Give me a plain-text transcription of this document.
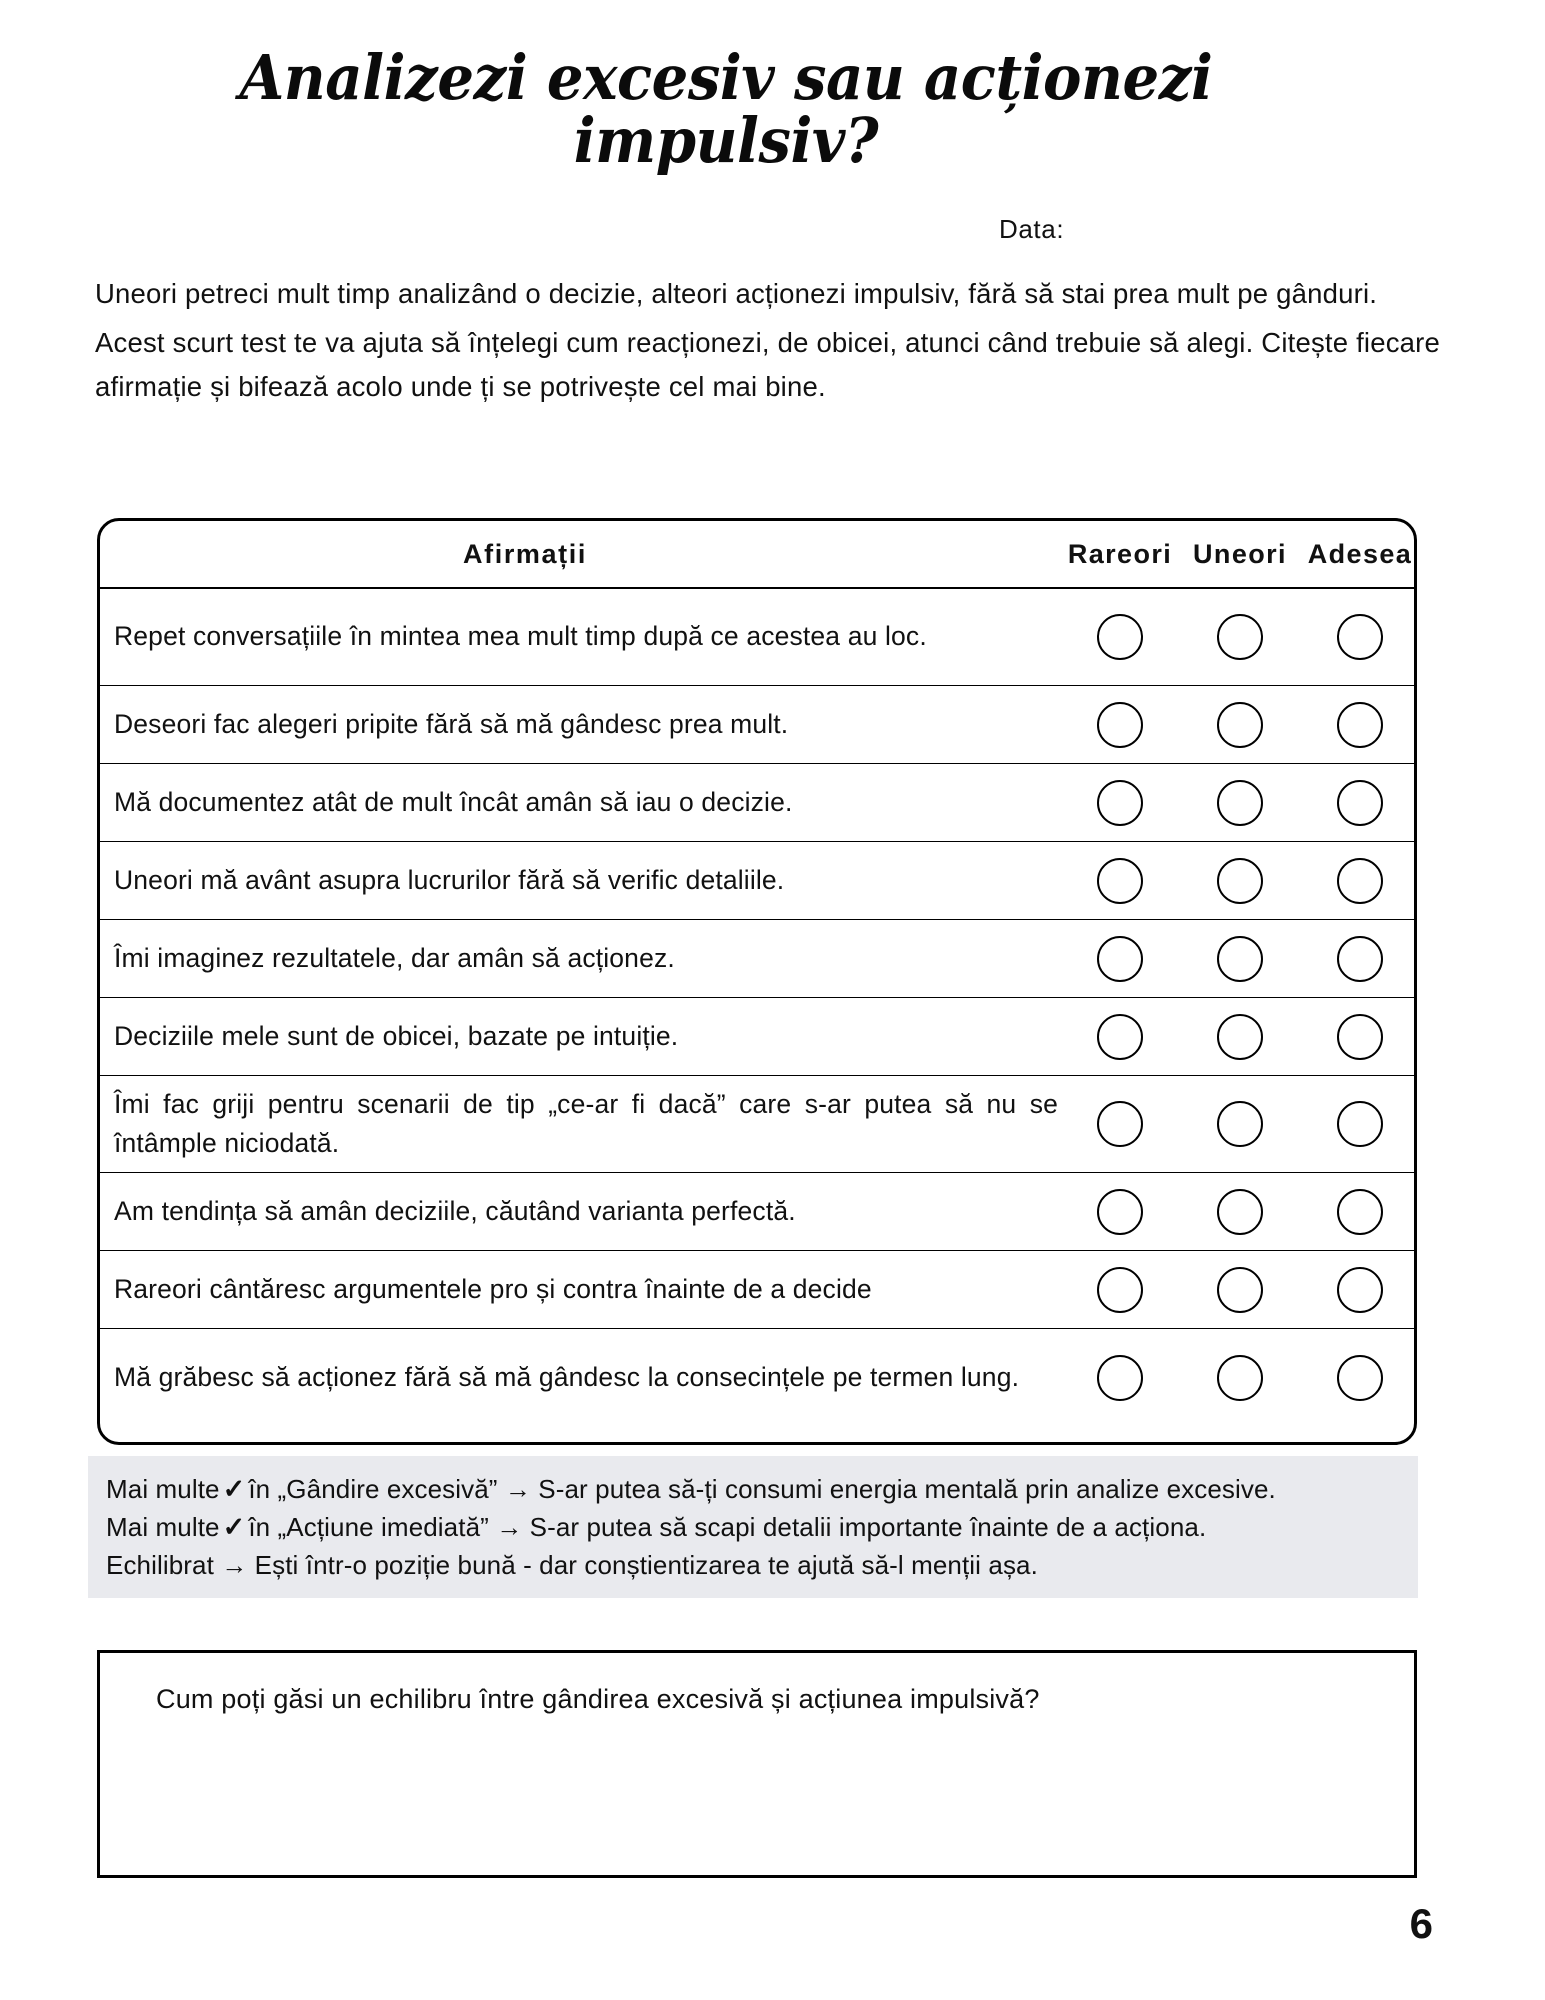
Analizezi excesiv sau acționezi
impulsiv?
Data:

Uneori petreci mult timp analizând o decizie, alteori acționezi impulsiv, fără să stai prea mult pe gânduri.

Acest scurt test te va ajuta să înțelegi cum reacționezi, de obicei, atunci când trebuie să alegi. Citește fiecare afirmație și bifează acolo unde ți se potrivește cel mai bine.

Afirmații	Rareori Uneori Adesea
Repet conversațiile în mintea mea mult timp după ce acestea au loc.
Deseori fac alegeri pripite fără să mă gândesc prea mult.
Mă documentez atât de mult încât amân să iau o decizie.
Uneori mă avânt asupra lucrurilor fără să verific detaliile.
Îmi imaginez rezultatele, dar amân să acționez.
Deciziile mele sunt de obicei, bazate pe intuiție.
Îmi fac griji pentru scenarii de tip „ce-ar fi dacă” care s-ar putea să nu se întâmple niciodată.
Am tendința să amân deciziile, căutând varianta perfectă.
Rareori cântăresc argumentele pro și contra înainte de a decide
Mă grăbesc să acționez fără să mă gândesc la consecințele pe termen lung.

Mai multe ✓ în „Gândire excesivă” → S-ar putea să-ți consumi energia mentală prin analize excesive.

Mai multe ✓ în „Acțiune imediată” → S-ar putea să scapi detalii importante înainte de a acționa.

Echilibrat → Ești într-o poziție bună - dar conștientizarea te ajută să-l menții așa.

Cum poți găsi un echilibru între gândirea excesivă și acțiunea impulsivă?
6
